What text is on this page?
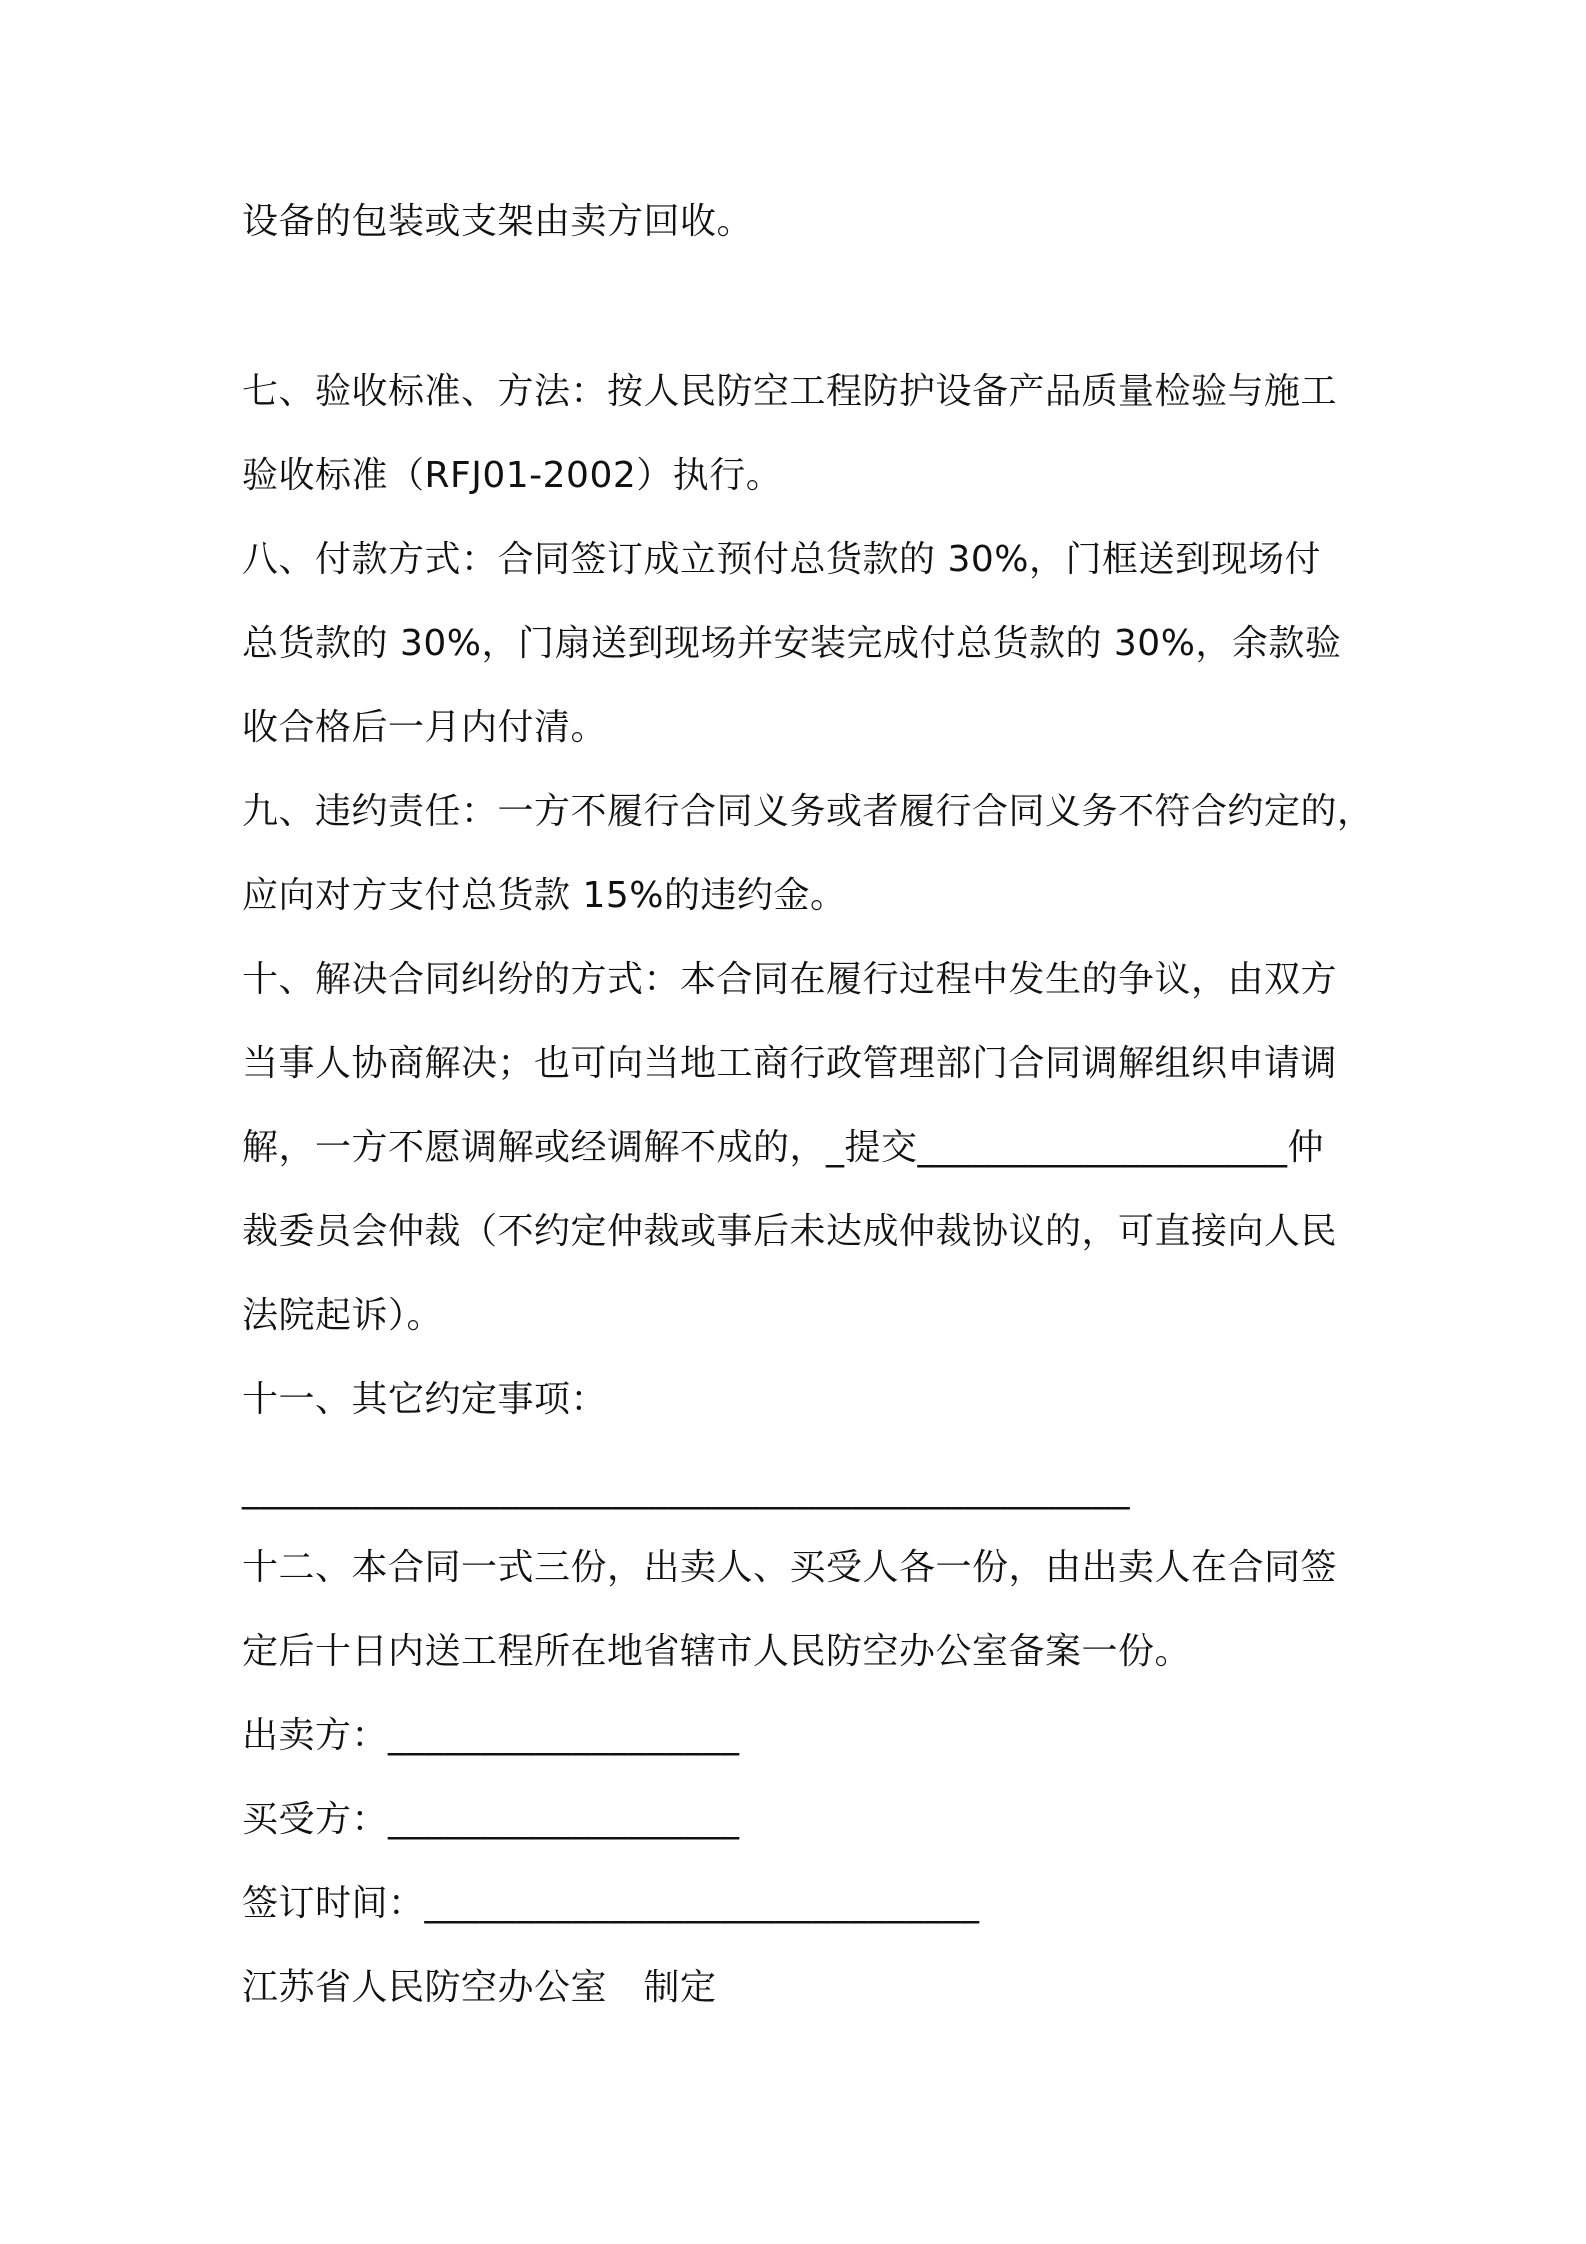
设备的包装或支架由卖方回收。
七、验收标准、方法：按人民防空工程防护设备产品质量检验与施工
验收标准（RFJ01-2002）执行。
八、付款方式：合同签订成立预付总货款的 30%，门框送到现场付
总货款的 30%，门扇送到现场并安装完成付总货款的 30%，余款验
收合格后一月内付清。
九、违约责任：一方不履行合同义务或者履行合同义务不符合约定的，
应向对方支付总货款 15%的违约金。
十、解决合同纠纷的方式：本合同在履行过程中发生的争议，由双方
当事人协商解决；也可向当地工商行政管理部门合同调解组织申请调
解，一方不愿调解或经调解不成的，_提交____________________仲
裁委员会仲裁（不约定仲裁或事后未达成仲裁协议的，可直接向人民
法院起诉）。
十一、其它约定事项：
________________________________________________
十二、本合同一式三份，出卖人、买受人各一份，由出卖人在合同签
定后十日内送工程所在地省辖市人民防空办公室备案一份。
出卖方：___________________
买受方：___________________
签订时间：______________________________
江苏省人民防空办公室　制定
